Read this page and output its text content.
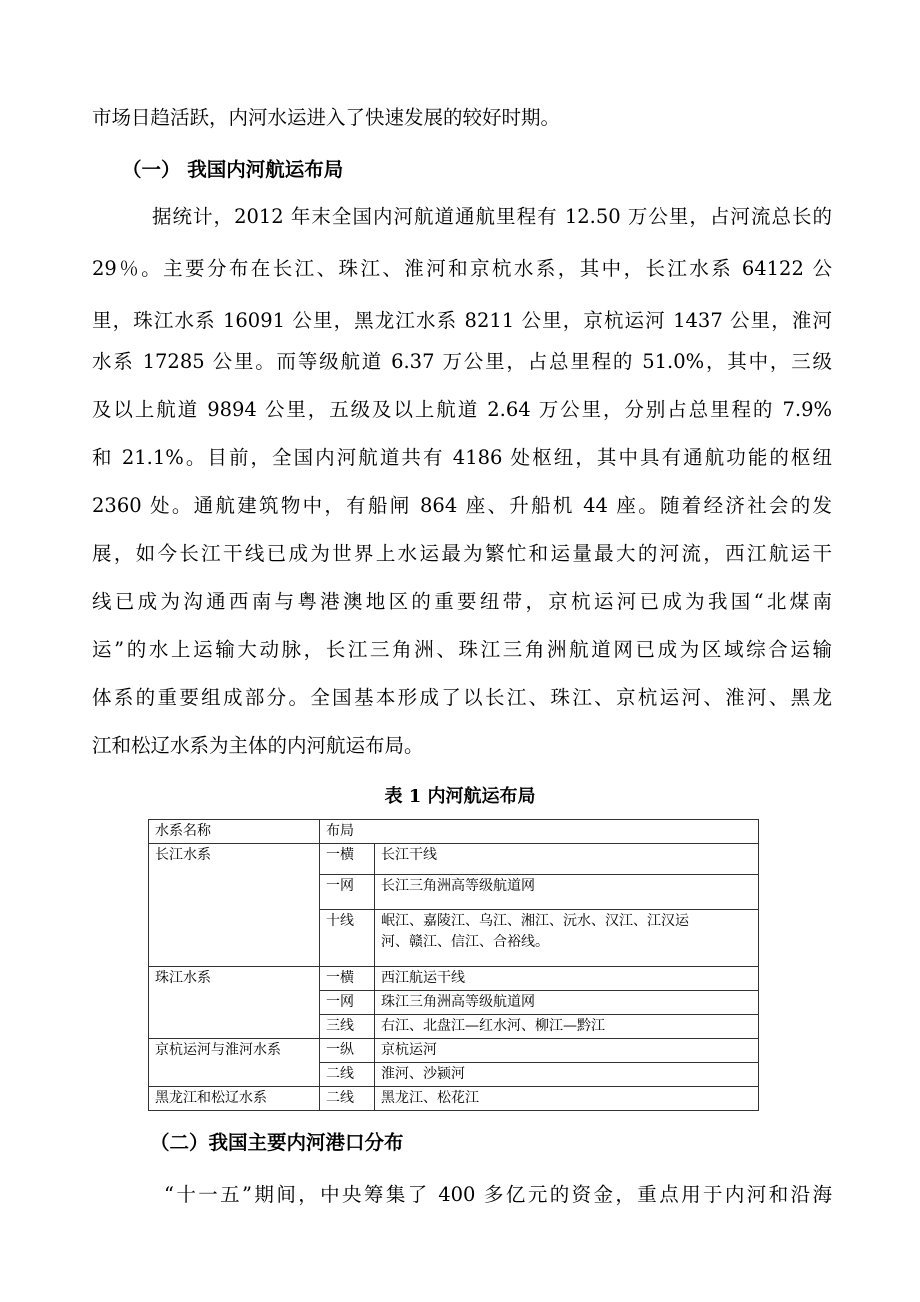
市场日趋活跃，内河水运进入了快速发展的较好时期。
（一） 我国内河航运布局
据统计，2012 年末全国内河航道通航里程有 12.50 万公里，占河流总长的
29％。主要分布在长江、珠江、淮河和京杭水系，其中，长江水系 64122 公
里，珠江水系 16091 公里，黑龙江水系 8211 公里，京杭运河 1437 公里，淮河
水系 17285 公里。而等级航道 6.37 万公里，占总里程的 51.0%，其中，三级
及以上航道 9894 公里，五级及以上航道 2.64 万公里，分别占总里程的 7.9%
和 21.1%。目前，全国内河航道共有 4186 处枢纽，其中具有通航功能的枢纽
2360 处。通航建筑物中，有船闸 864 座、升船机 44 座。随着经济社会的发
展，如今长江干线已成为世界上水运最为繁忙和运量最大的河流，西江航运干
线已成为沟通西南与粤港澳地区的重要纽带，京杭运河已成为我国“北煤南
运”的水上运输大动脉，长江三角洲、珠江三角洲航道网已成为区域综合运输
体系的重要组成部分。全国基本形成了以长江、珠江、京杭运河、淮河、黑龙
江和松辽水系为主体的内河航运布局。
表 1 内河航运布局
水系名称	布局	
长江水系	一横	长江干线
	一网	长江三角洲高等级航道网
	十线	岷江、嘉陵江、乌江、湘江、沅水、汉江、江汉运
河、赣江、信江、合裕线。

珠江水系	一横	西江航运干线
	一网	珠江三角洲高等级航道网
	三线	右江、北盘江—红水河、柳江—黔江
京杭运河与淮河水系	一纵	京杭运河
	二线	淮河、沙颍河
黑龙江和松辽水系	二线	黑龙江、松花江
（二）我国主要内河港口分布
“十一五”期间，中央筹集了 400 多亿元的资金，重点用于内河和沿海
